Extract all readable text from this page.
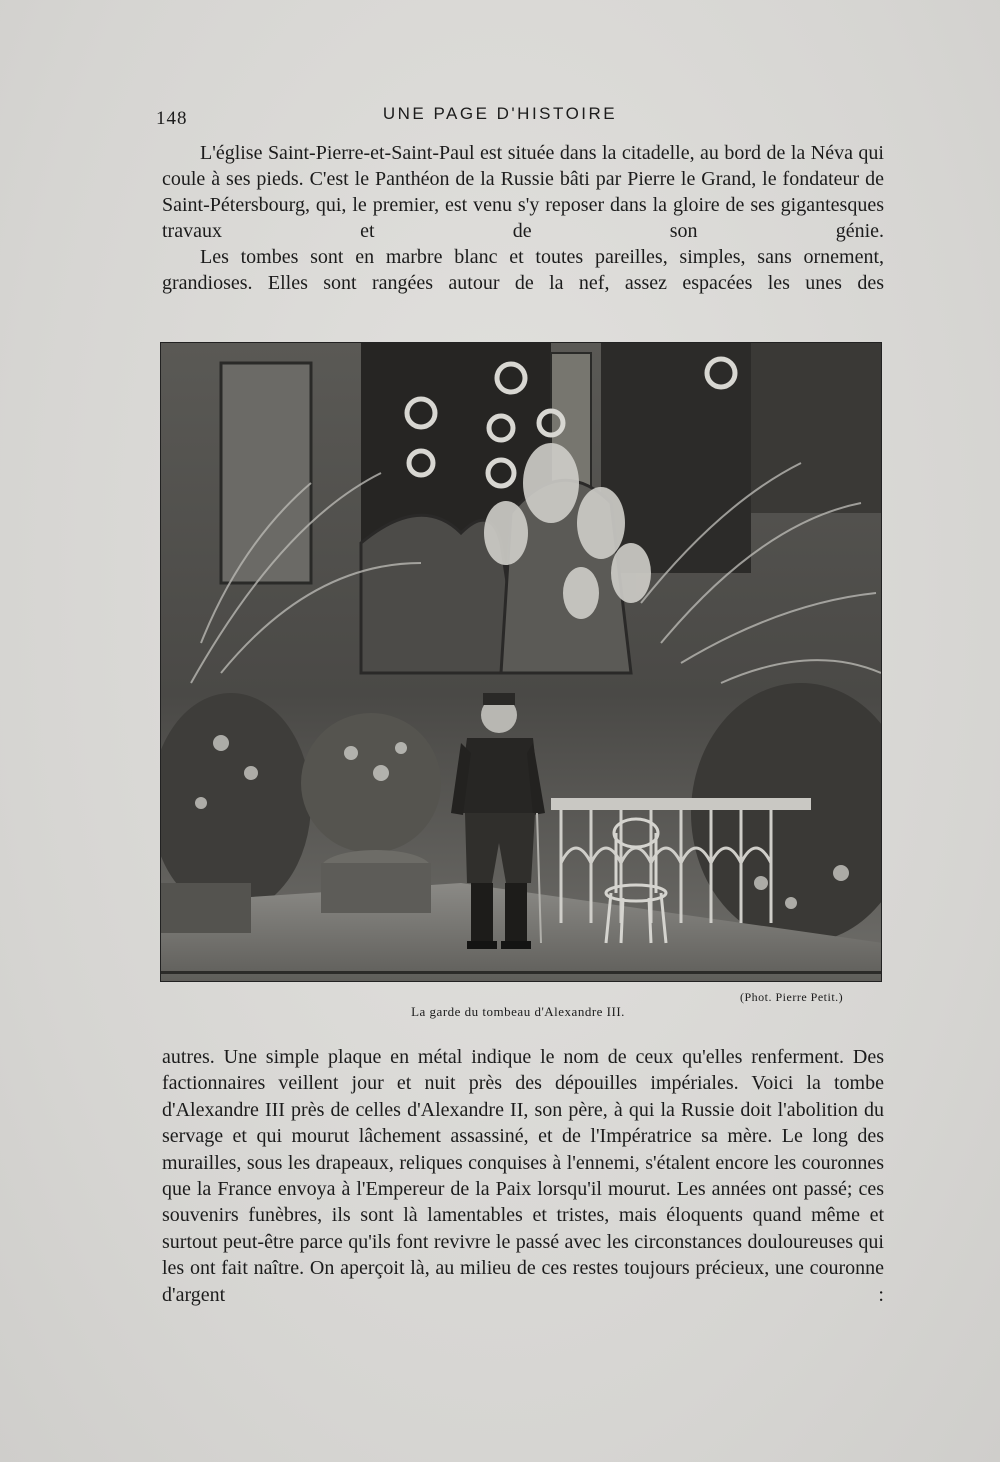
148	UNE PAGE D'HISTOIRE

L'église Saint-Pierre-et-Saint-Paul est située dans la citadelle, au bord de la Néva qui coule à ses pieds. C'est le Panthéon de la Russie bâti par Pierre le Grand, le fondateur de Saint-Pétersbourg, qui, le premier, est venu s'y reposer dans la gloire de ses gigantesques travaux et de son génie.

Les tombes sont en marbre blanc et toutes pareilles, simples, sans ornement, grandioses. Elles sont rangées autour de la nef, assez espacées les unes des

(Phot. Pierre Petit.)
La garde du tombeau d'Alexandre III.

autres. Une simple plaque en métal indique le nom de ceux qu'elles renferment. Des factionnaires veillent jour et nuit près des dépouilles impériales. Voici la tombe d'Alexandre III près de celles d'Alexandre II, son père, à qui la Russie doit l'abolition du servage et qui mourut lâchement assassiné, et de l'Impératrice sa mère. Le long des murailles, sous les drapeaux, reliques conquises à l'ennemi, s'étalent encore les couronnes que la France envoya à l'Empereur de la Paix lorsqu'il mourut. Les années ont passé; ces souvenirs funèbres, ils sont là lamentables et tristes, mais éloquents quand même et surtout peut-être parce qu'ils font revivre le passé avec les circonstances douloureuses qui les ont fait naître. On aperçoit là, au milieu de ces restes toujours précieux, une couronne d'argent :
